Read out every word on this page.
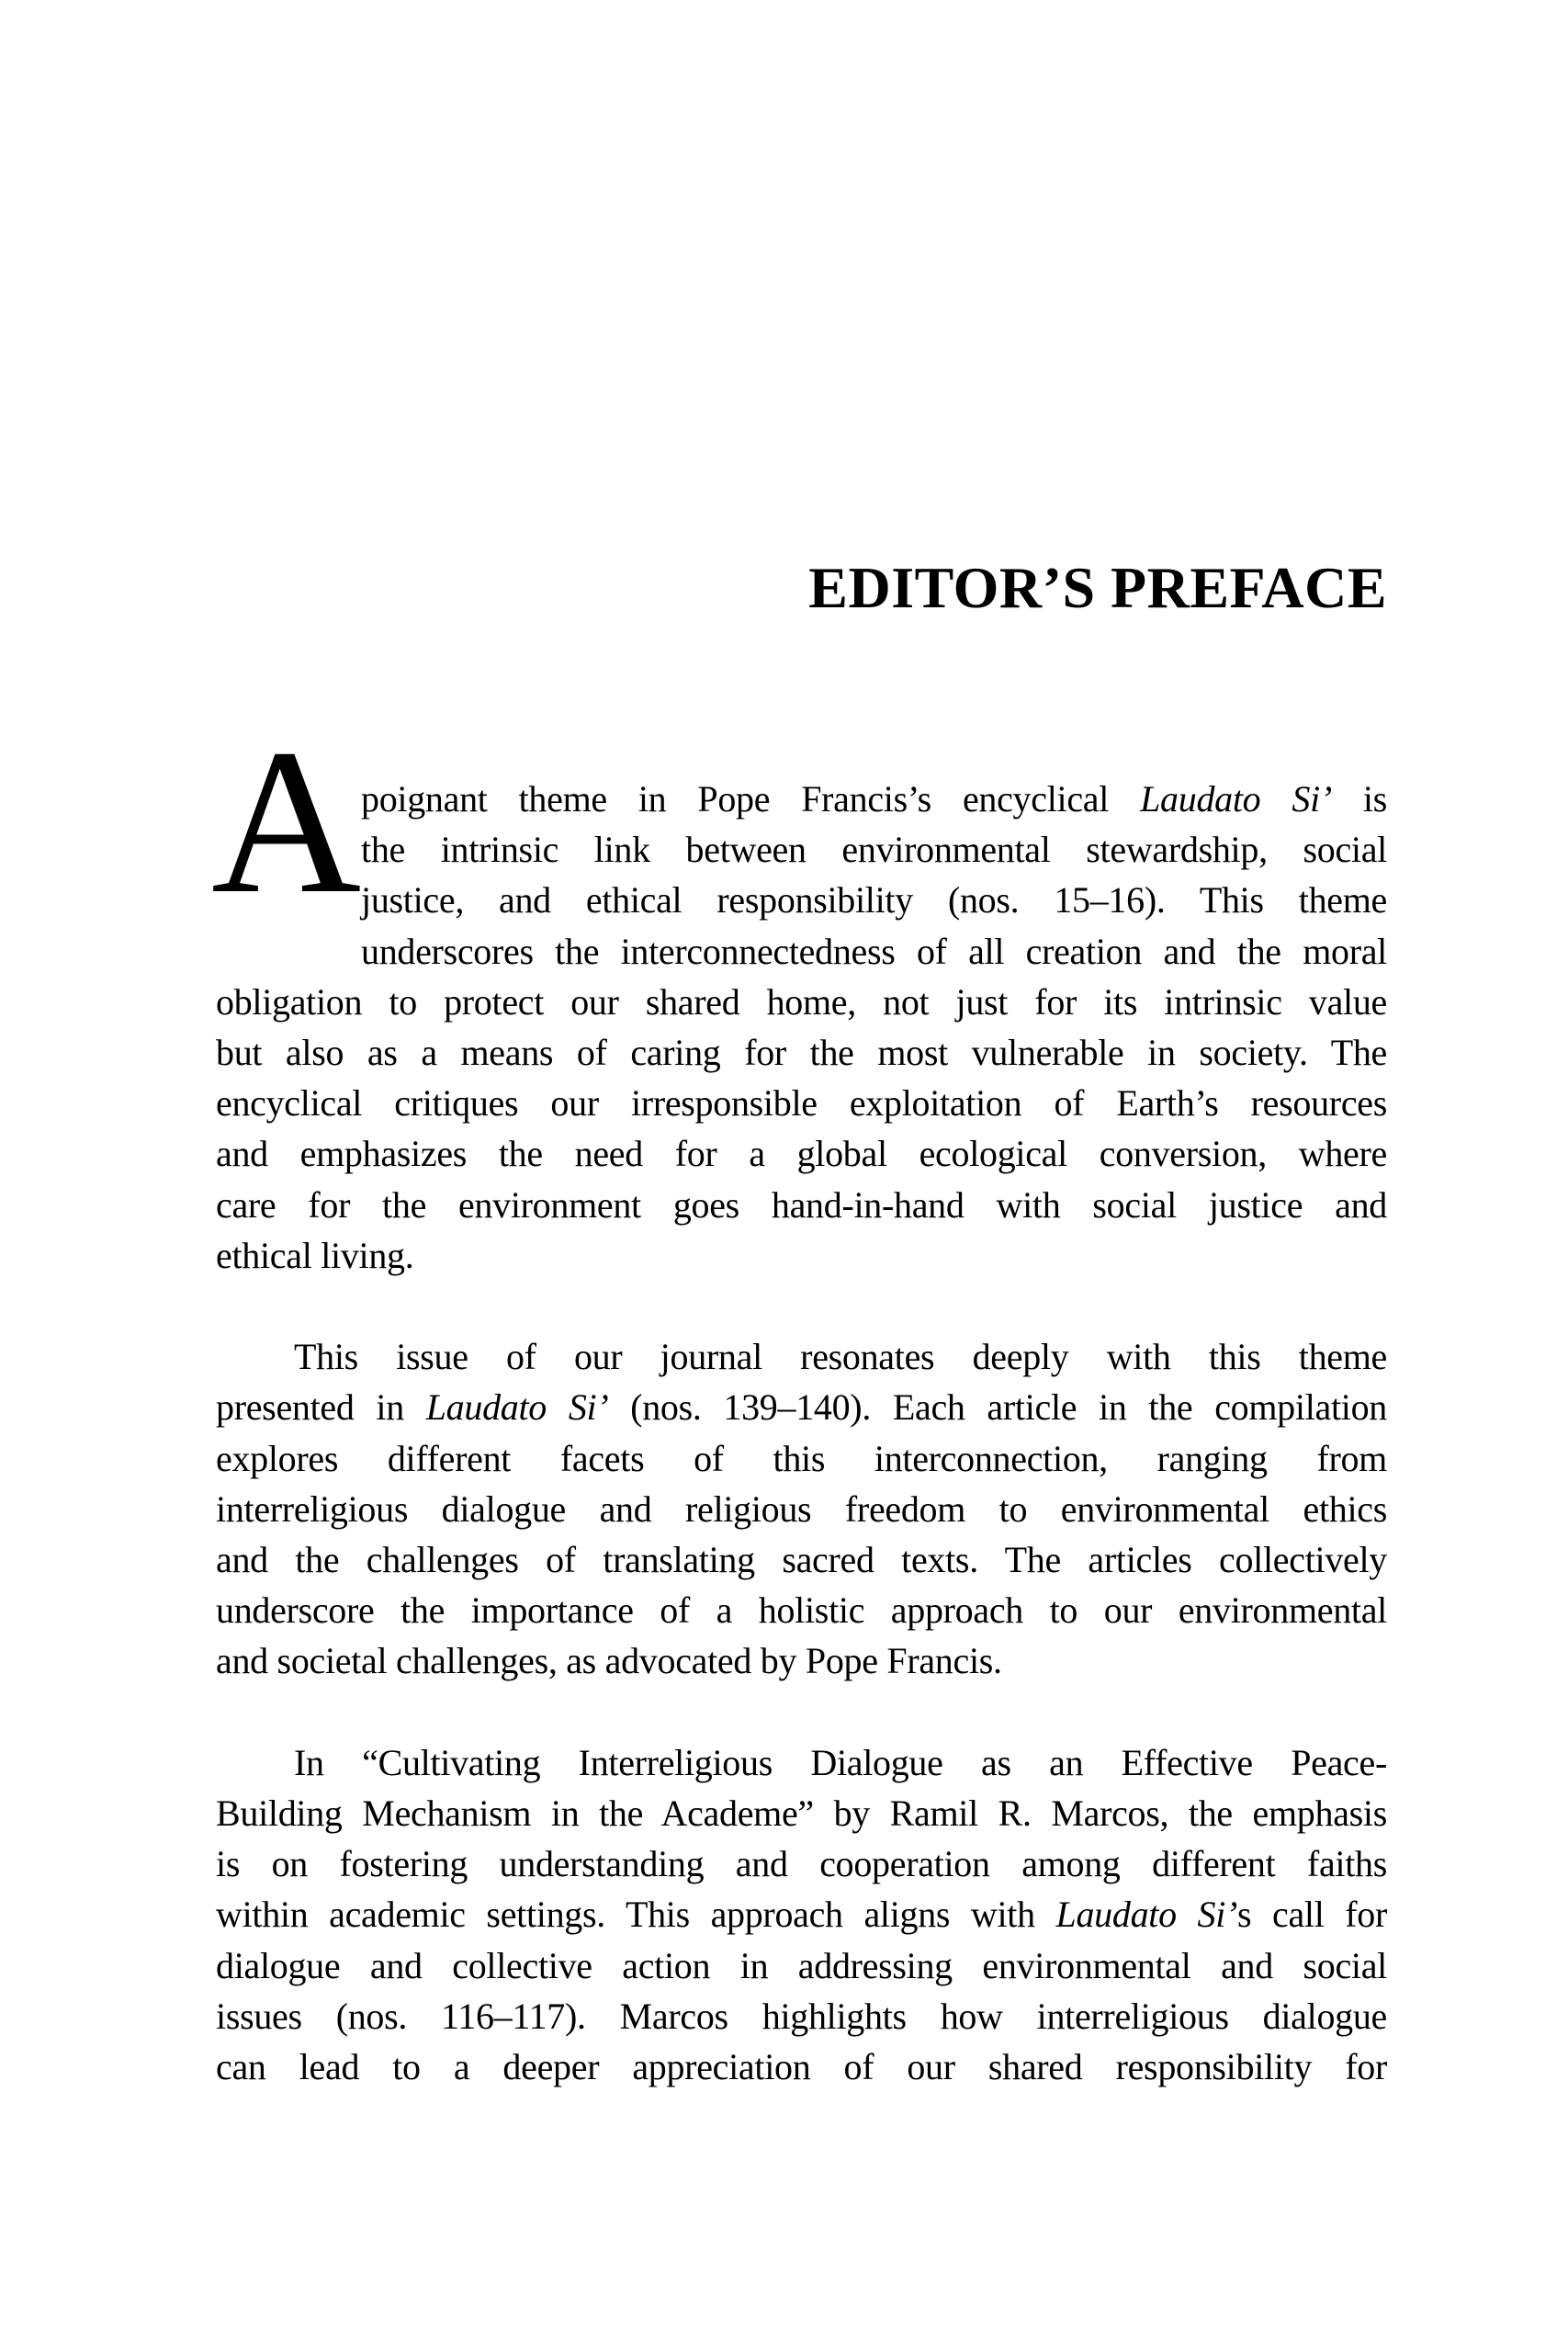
EDITOR’S PREFACE
A poignant theme in Pope Francis’s encyclical Laudato Si’ is
the intrinsic link between environmental stewardship, social
justice, and ethical responsibility (nos. 15–16). This theme
underscores the interconnectedness of all creation and the moral
obligation to protect our shared home, not just for its intrinsic value
but also as a means of caring for the most vulnerable in society. The
encyclical critiques our irresponsible exploitation of Earth’s resources
and emphasizes the need for a global ecological conversion, where
care for the environment goes hand-in-hand with social justice and
ethical living.
This issue of our journal resonates deeply with this theme
presented in Laudato Si’ (nos. 139–140). Each article in the compilation
explores different facets of this interconnection, ranging from
interreligious dialogue and religious freedom to environmental ethics
and the challenges of translating sacred texts. The articles collectively
underscore the importance of a holistic approach to our environmental
and societal challenges, as advocated by Pope Francis.
In “Cultivating Interreligious Dialogue as an Effective Peace-
Building Mechanism in the Academe” by Ramil R. Marcos, the emphasis
is on fostering understanding and cooperation among different faiths
within academic settings. This approach aligns with Laudato Si’s call for
dialogue and collective action in addressing environmental and social
issues (nos. 116–117). Marcos highlights how interreligious dialogue
can lead to a deeper appreciation of our shared responsibility for
